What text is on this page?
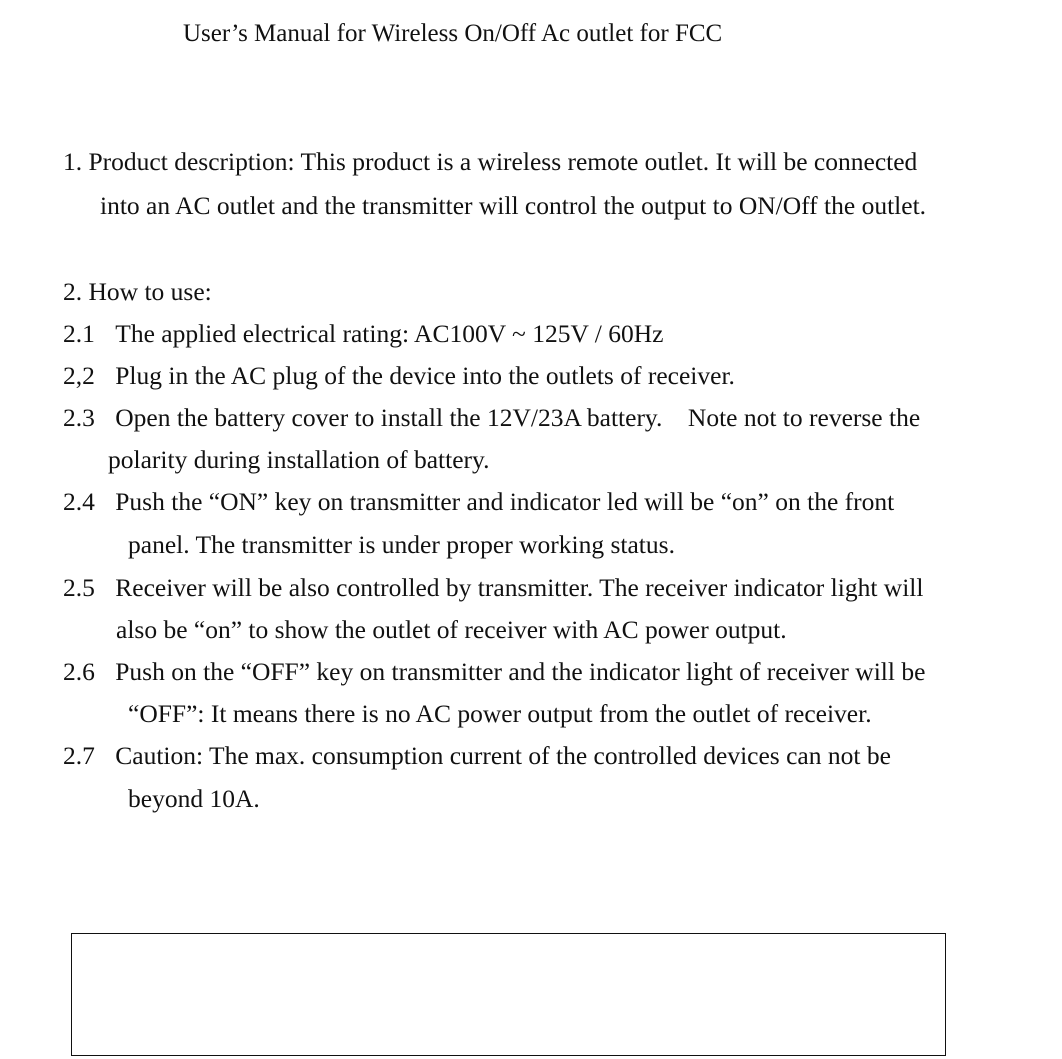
User’s Manual for Wireless On/Off Ac outlet for FCC
1. Product description: This product is a wireless remote outlet. It will be connected
into an AC outlet and the transmitter will control the output to ON/Off the outlet.
2. How to use:
2.1 The applied electrical rating: AC100V ~ 125V / 60Hz
2,2 Plug in the AC plug of the device into the outlets of receiver.
2.3 Open the battery cover to install the 12V/23A battery.    Note not to reverse the
polarity during installation of battery.
2.4 Push the “ON” key on transmitter and indicator led will be “on” on the front
panel. The transmitter is under proper working status.
2.5 Receiver will be also controlled by transmitter. The receiver indicator light will
also be “on” to show the outlet of receiver with AC power output.
2.6 Push on the “OFF” key on transmitter and the indicator light of receiver will be
“OFF”: It means there is no AC power output from the outlet of receiver.
2.7 Caution: The max. consumption current of the controlled devices can not be
beyond 10A.
